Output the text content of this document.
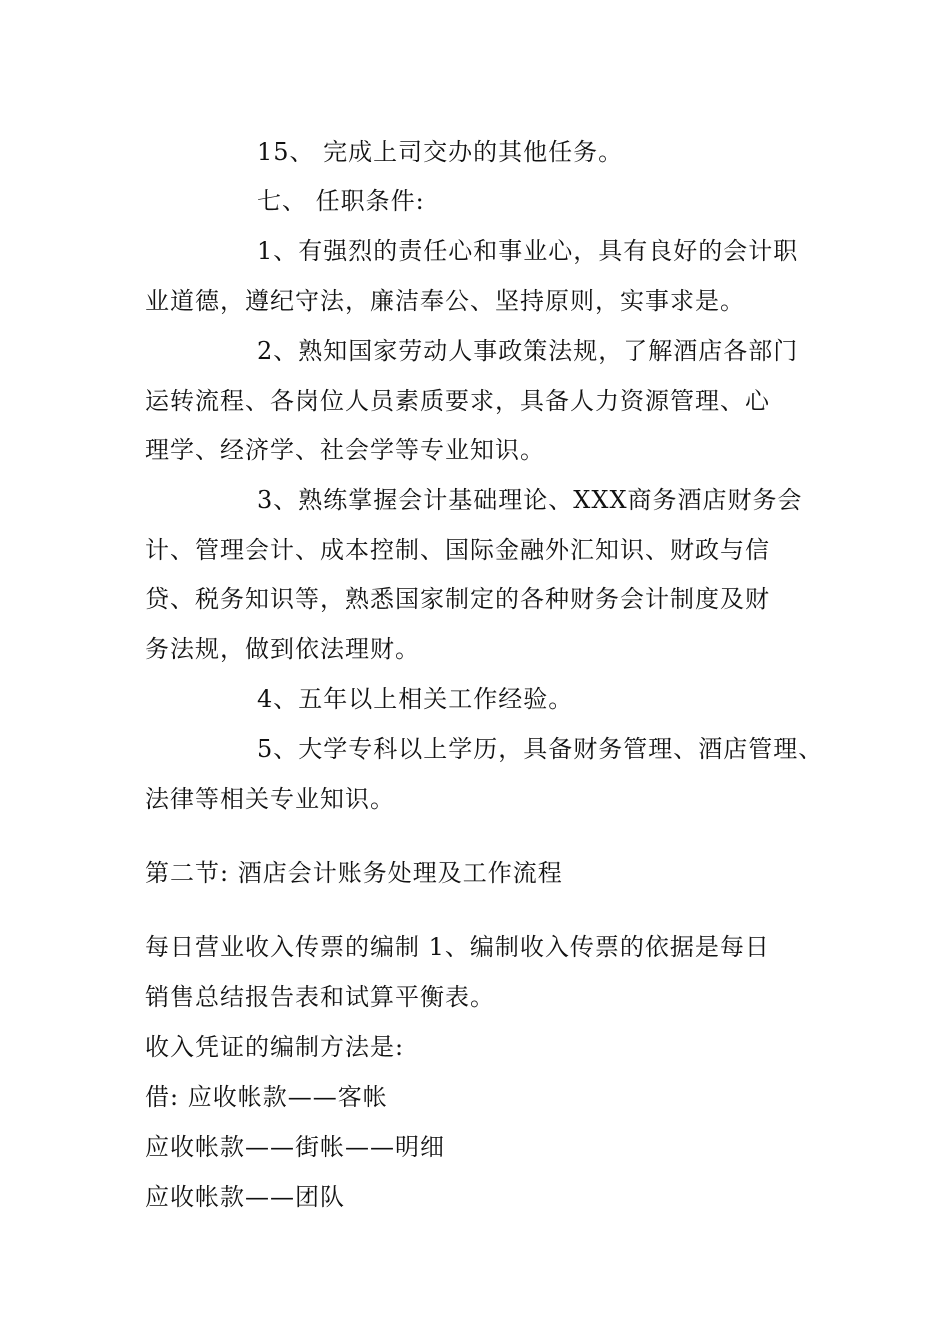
15、 完成上司交办的其他任务。
七、 任职条件:
1、有强烈的责任心和事业心，具有良好的会计职
业道德，遵纪守法，廉洁奉公、坚持原则，实事求是。
2、熟知国家劳动人事政策法规，了解酒店各部门
运转流程、各岗位人员素质要求，具备人力资源管理、心
理学、经济学、社会学等专业知识。
3、熟练掌握会计基础理论、XXX商务酒店财务会
计、管理会计、成本控制、国际金融外汇知识、财政与信
贷、税务知识等，熟悉国家制定的各种财务会计制度及财
务法规，做到依法理财。
4、五年以上相关工作经验。
5、大学专科以上学历，具备财务管理、酒店管理、
法律等相关专业知识。
第二节: 酒店会计账务处理及工作流程
每日营业收入传票的编制 1、编制收入传票的依据是每日
销售总结报告表和试算平衡表。
收入凭证的编制方法是:
借: 应收帐款——客帐
应收帐款——街帐——明细
应收帐款——团队
